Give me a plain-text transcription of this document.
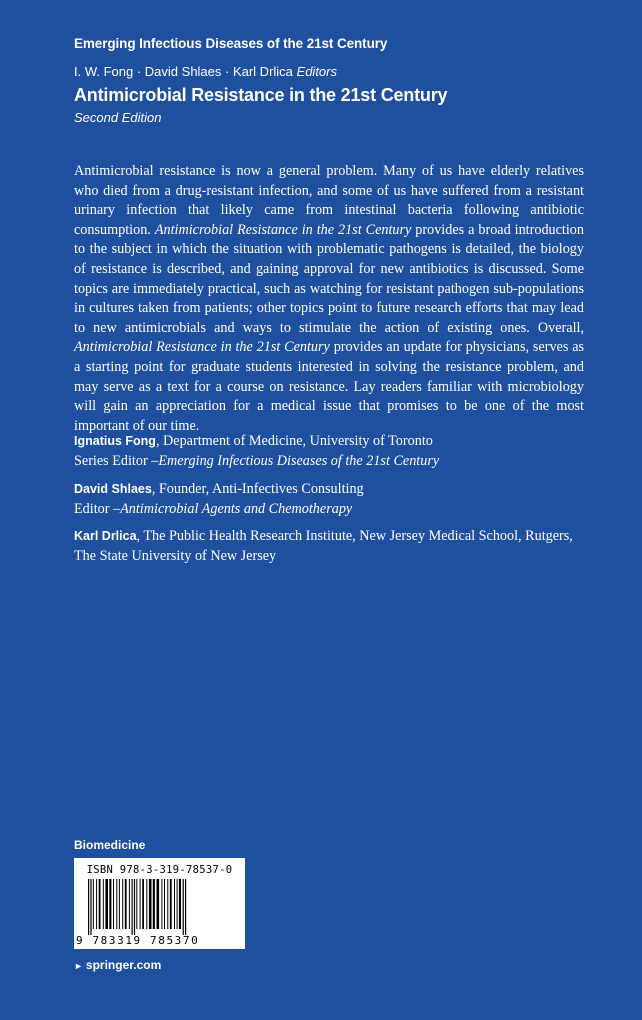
Emerging Infectious Diseases of the 21st Century
I. W. Fong · David Shlaes · Karl Drlica Editors
Antimicrobial Resistance in the 21st Century
Second Edition
Antimicrobial resistance is now a general problem. Many of us have elderly relatives who died from a drug-resistant infection, and some of us have suffered from a resistant urinary infection that likely came from intestinal bacteria following antibiotic consumption. Antimicrobial Resistance in the 21st Century provides a broad introduction to the subject in which the situation with problematic pathogens is detailed, the biology of resistance is described, and gaining approval for new antibiotics is discussed. Some topics are immediately practical, such as watching for resistant pathogen sub-populations in cultures taken from patients; other topics point to future research efforts that may lead to new antimicrobials and ways to stimulate the action of existing ones. Overall, Antimicrobial Resistance in the 21st Century provides an update for physicians, serves as a starting point for graduate students interested in solving the resistance problem, and may serve as a text for a course on resistance. Lay readers familiar with microbiology will gain an appreciation for a medical issue that promises to be one of the most important of our time.
Ignatius Fong, Department of Medicine, University of Toronto
Series Editor –Emerging Infectious Diseases of the 21st Century
David Shlaes, Founder, Anti-Infectives Consulting
Editor –Antimicrobial Agents and Chemotherapy
Karl Drlica, The Public Health Research Institute, New Jersey Medical School, Rutgers, The State University of New Jersey
Biomedicine
ISBN 978-3-319-78537-0
9 783319 785370
► springer.com
